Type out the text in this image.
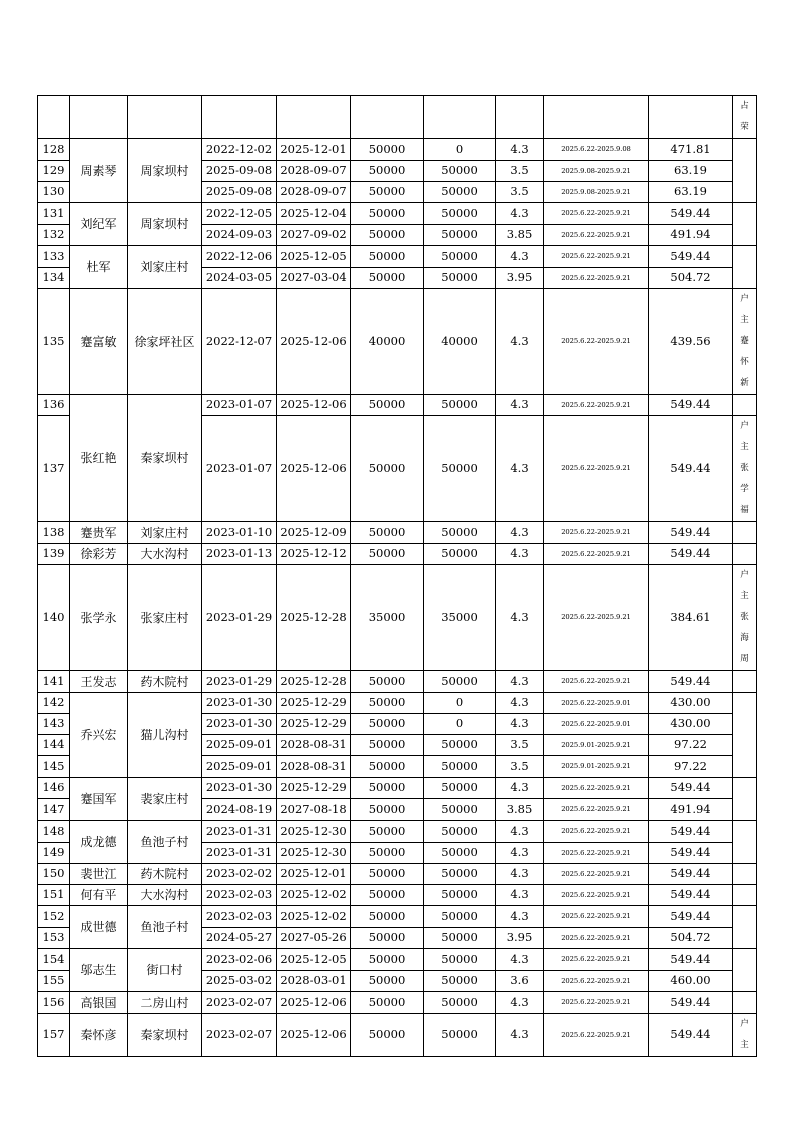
										占
荣

128	周素琴	周家坝村	2022-12-02	2025-12-01	50000	0	4.3	2025.6.22-2025.9.08	471.81	
129			2025-09-08	2028-09-07	50000	50000	3.5	2025.9.08-2025.9.21	63.19	
130			2025-09-08	2028-09-07	50000	50000	3.5	2025.9.08-2025.9.21	63.19	
131	刘纪军	周家坝村	2022-12-05	2025-12-04	50000	50000	4.3	2025.6.22-2025.9.21	549.44	
132			2024-09-03	2027-09-02	50000	50000	3.85	2025.6.22-2025.9.21	491.94	
133	杜军	刘家庄村	2022-12-06	2025-12-05	50000	50000	4.3	2025.6.22-2025.9.21	549.44	
134			2024-03-05	2027-03-04	50000	50000	3.95	2025.6.22-2025.9.21	504.72	
135	蹇富敏	徐家坪社区	2022-12-07	2025-12-06	40000	40000	4.3	2025.6.22-2025.9.21	439.56	户
主
蹇
怀
新

136	张红艳	秦家坝村	2023-01-07	2025-12-06	50000	50000	4.3	2025.6.22-2025.9.21	549.44	
137			2023-01-07	2025-12-06	50000	50000	4.3	2025.6.22-2025.9.21	549.44	户
主
张
学
福

138	蹇贵军	刘家庄村	2023-01-10	2025-12-09	50000	50000	4.3	2025.6.22-2025.9.21	549.44	
139	徐彩芳	大水沟村	2023-01-13	2025-12-12	50000	50000	4.3	2025.6.22-2025.9.21	549.44	
140	张学永	张家庄村	2023-01-29	2025-12-28	35000	35000	4.3	2025.6.22-2025.9.21	384.61	户
主
张
海
周

141	王发志	药木院村	2023-01-29	2025-12-28	50000	50000	4.3	2025.6.22-2025.9.21	549.44	
142	乔兴宏	猫儿沟村	2023-01-30	2025-12-29	50000	0	4.3	2025.6.22-2025.9.01	430.00	
143			2023-01-30	2025-12-29	50000	0	4.3	2025.6.22-2025.9.01	430.00	
144			2025-09-01	2028-08-31	50000	50000	3.5	2025.9.01-2025.9.21	97.22	
145			2025-09-01	2028-08-31	50000	50000	3.5	2025.9.01-2025.9.21	97.22	
146	蹇国军	裴家庄村	2023-01-30	2025-12-29	50000	50000	4.3	2025.6.22-2025.9.21	549.44	
147			2024-08-19	2027-08-18	50000	50000	3.85	2025.6.22-2025.9.21	491.94	
148	成龙德	鱼池子村	2023-01-31	2025-12-30	50000	50000	4.3	2025.6.22-2025.9.21	549.44	
149			2023-01-31	2025-12-30	50000	50000	4.3	2025.6.22-2025.9.21	549.44	
150	裴世江	药木院村	2023-02-02	2025-12-01	50000	50000	4.3	2025.6.22-2025.9.21	549.44	
151	何有平	大水沟村	2023-02-03	2025-12-02	50000	50000	4.3	2025.6.22-2025.9.21	549.44	
152	成世德	鱼池子村	2023-02-03	2025-12-02	50000	50000	4.3	2025.6.22-2025.9.21	549.44	
153			2024-05-27	2027-05-26	50000	50000	3.95	2025.6.22-2025.9.21	504.72	
154	邬志生	街口村	2023-02-06	2025-12-05	50000	50000	4.3	2025.6.22-2025.9.21	549.44	
155			2025-03-02	2028-03-01	50000	50000	3.6	2025.6.22-2025.9.21	460.00	
156	高银国	二房山村	2023-02-07	2025-12-06	50000	50000	4.3	2025.6.22-2025.9.21	549.44	
157	秦怀彦	秦家坝村	2023-02-07	2025-12-06	50000	50000	4.3	2025.6.22-2025.9.21	549.44	户
主
